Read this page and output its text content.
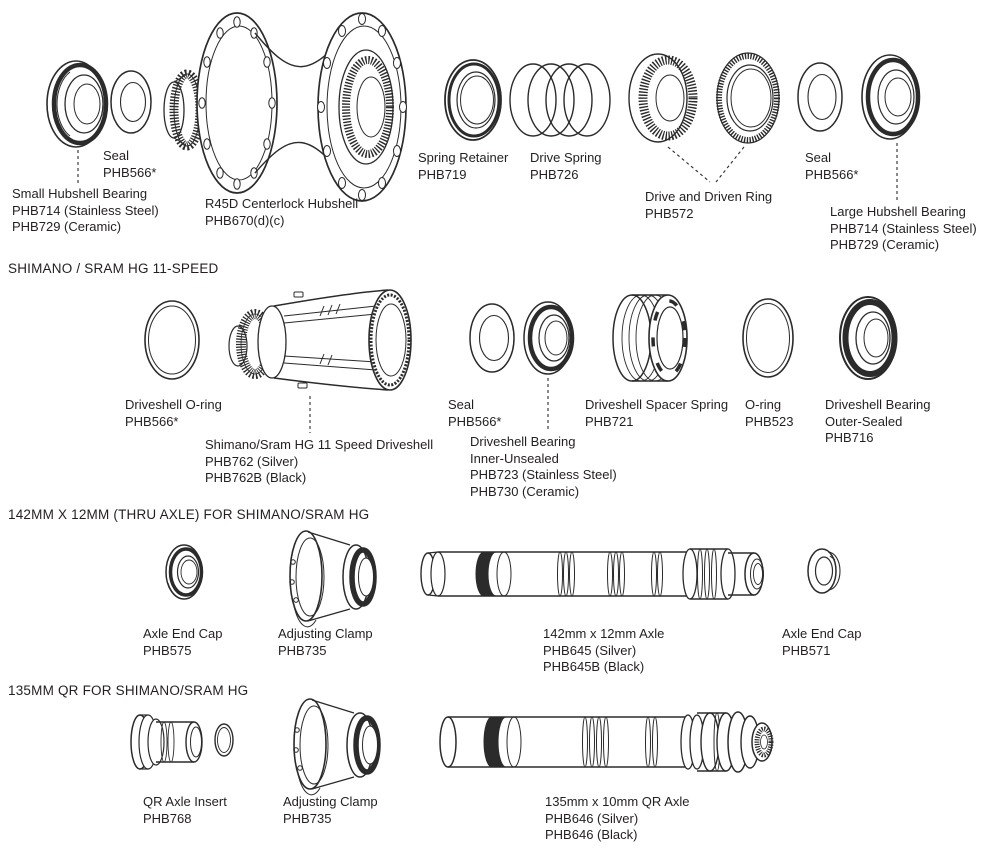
SHIMANO / SRAM HG 11-SPEED
142MM X 12MM (THRU AXLE) FOR SHIMANO/SRAM HG
135MM QR FOR SHIMANO/SRAM HG
Seal
PHB566*
Small Hubshell Bearing
PHB714 (Stainless Steel)
PHB729 (Ceramic)
R45D Centerlock Hubshell
PHB670(d)(c)
Spring Retainer
PHB719
Drive Spring
PHB726
Drive and Driven Ring
PHB572
Seal
PHB566*
Large Hubshell Bearing
PHB714 (Stainless Steel)
PHB729 (Ceramic)
Driveshell O-ring
PHB566*
Shimano/Sram HG 11 Speed Driveshell
PHB762 (Silver)
PHB762B (Black)
Seal
PHB566*
Driveshell Bearing
Inner-Unsealed
PHB723 (Stainless Steel)
PHB730 (Ceramic)
Driveshell Spacer Spring
PHB721
O-ring
PHB523
Driveshell Bearing
Outer-Sealed
PHB716
Axle End Cap
PHB575
Adjusting Clamp
PHB735
142mm x 12mm Axle
PHB645 (Silver)
PHB645B (Black)
Axle End Cap
PHB571
QR Axle Insert
PHB768
Adjusting Clamp
PHB735
135mm x 10mm QR Axle
PHB646 (Silver)
PHB646 (Black)
